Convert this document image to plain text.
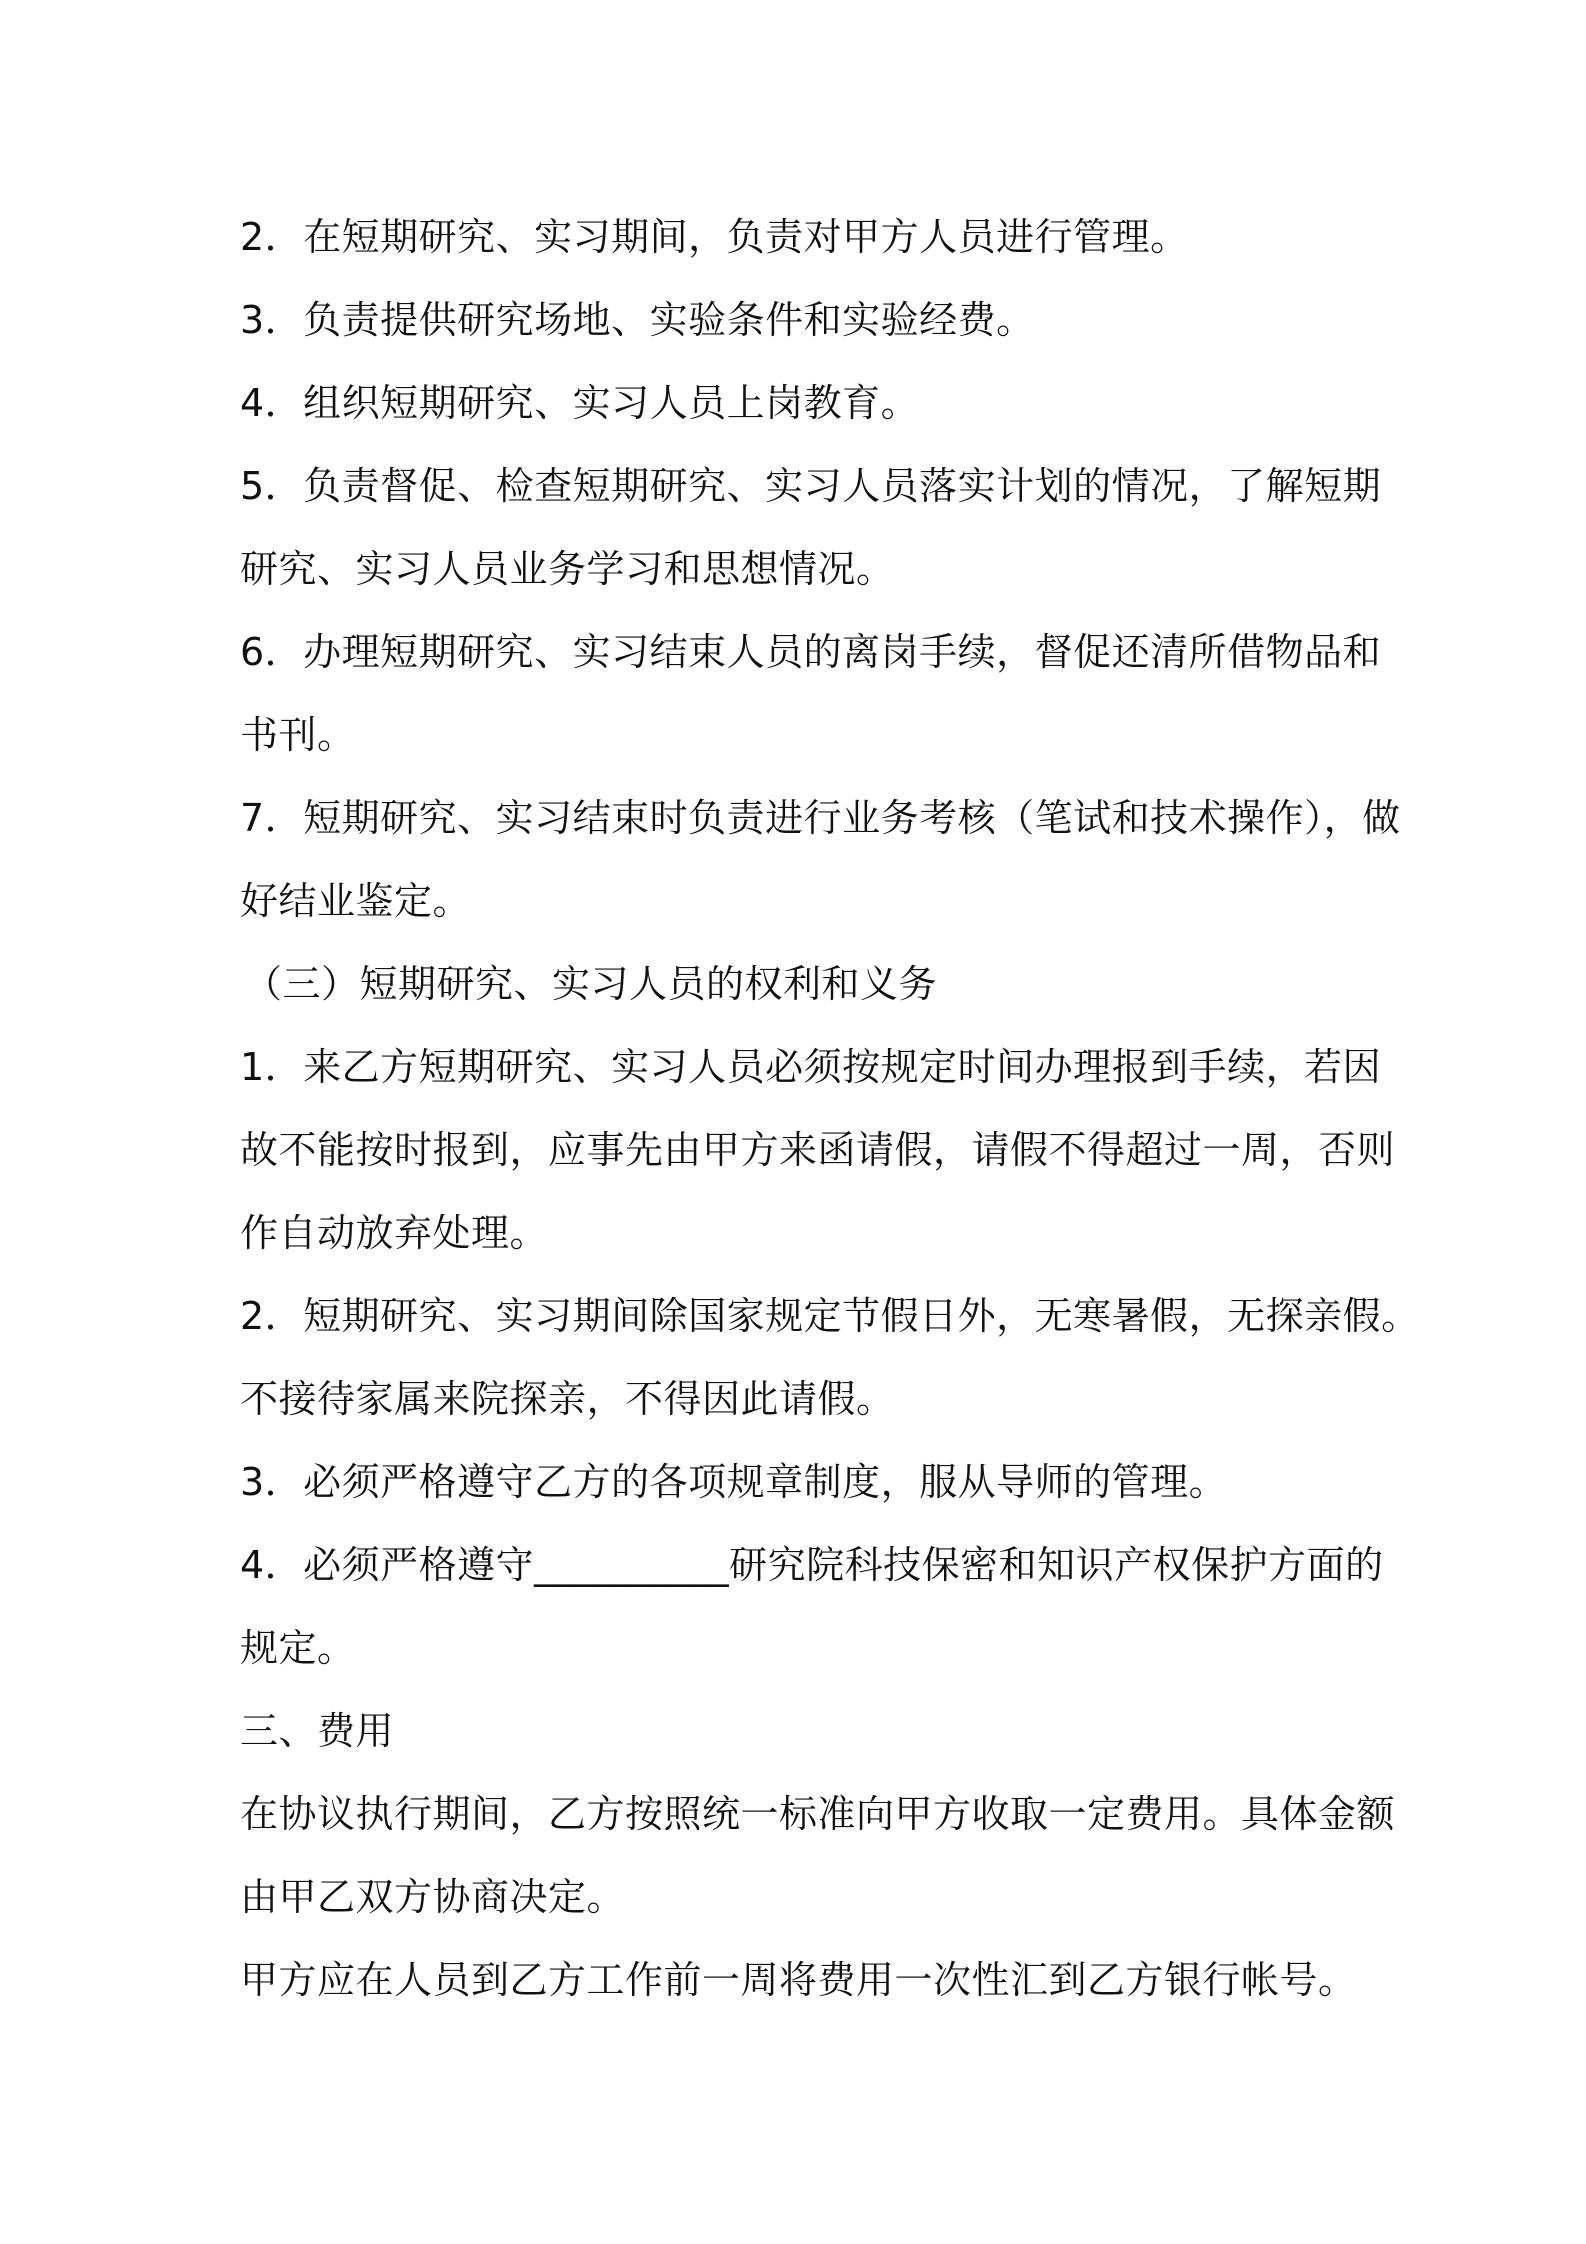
2．在短期研究、实习期间，负责对甲方人员进行管理。
3．负责提供研究场地、实验条件和实验经费。
4．组织短期研究、实习人员上岗教育。
5．负责督促、检查短期研究、实习人员落实计划的情况，了解短期
研究、实习人员业务学习和思想情况。
6．办理短期研究、实习结束人员的离岗手续，督促还清所借物品和
书刊。
7．短期研究、实习结束时负责进行业务考核（笔试和技术操作），做
好结业鉴定。
（三）短期研究、实习人员的权利和义务
1．来乙方短期研究、实习人员必须按规定时间办理报到手续，若因
故不能按时报到，应事先由甲方来函请假，请假不得超过一周，否则
作自动放弃处理。
2．短期研究、实习期间除国家规定节假日外，无寒暑假，无探亲假。
不接待家属来院探亲，不得因此请假。
3．必须严格遵守乙方的各项规章制度，服从导师的管理。
4．必须严格遵守__________研究院科技保密和知识产权保护方面的
规定。
三、费用
在协议执行期间，乙方按照统一标准向甲方收取一定费用。具体金额
由甲乙双方协商决定。
甲方应在人员到乙方工作前一周将费用一次性汇到乙方银行帐号。
